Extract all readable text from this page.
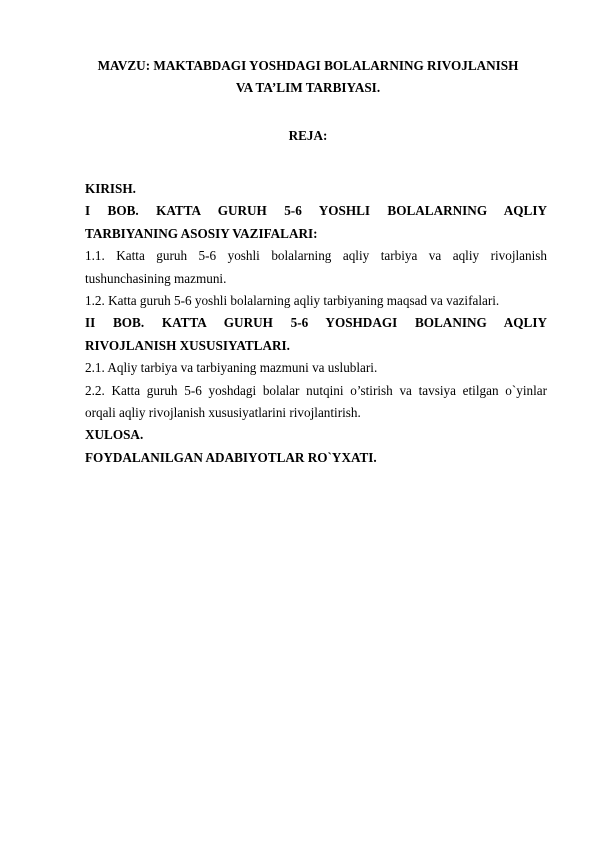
MAVZU: MAKTABDAGI YOSHDAGI BOLALARNING RIVOJLANISH
VA TA’LIM TARBIYASI.
REJA:
KIRISH.
I BOB. KATTA GURUH 5-6 YOSHLI BOLALARNING AQLIY
TARBIYANING ASOSIY VAZIFALARI:
1.1. Katta guruh 5-6 yoshli bolalarning aqliy tarbiya va aqliy rivojlanish
tushunchasining mazmuni.
1.2. Katta guruh 5-6 yoshli bolalarning aqliy tarbiyaning maqsad va vazifalari.
II BOB. KATTA GURUH 5-6 YOSHDAGI BOLANING AQLIY
RIVOJLANISH XUSUSIYATLARI.
2.1. Aqliy tarbiya va tarbiyaning mazmuni va uslublari.
2.2. Katta guruh 5-6 yoshdagi bolalar nutqini o’stirish va tavsiya etilgan o`yinlar
orqali aqliy rivojlanish xususiyatlarini rivojlantirish.
XULOSA.
FOYDALANILGAN ADABIYOTLAR RO`YXATI.
